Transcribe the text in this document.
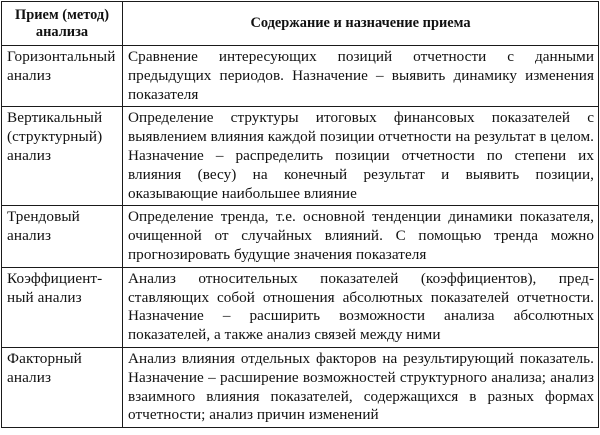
Прием (метод) анализа	Содержание и назначение приема
Горизонтальный анализ	Сравнение интересующих позиций отчетности с данными предыдущих периодов. Назначение – выявить динамику изменения показателя
Вертикальный (структурный) анализ	Определение структуры итоговых финансовых показателей с выявлением влияния каждой позиции отчетности на результат в целом. Назначение – распределить позиции отчетности по степени их влияния (весу) на конечный результат и выявить позиции, оказывающие наибольшее влияние
Трендовый анализ	Определение тренда, т.е. основной тенденции динамики показателя, очищенной от случайных влияний. С помощью тренда можно прогнозировать будущие значения показателя
Коэффициентный анализ	Анализ относительных показателей (коэффициентов), представляющих собой отношения абсолютных показателей отчетности. Назначение – расширить возможности анализа абсолютных показателей, а также анализ связей между ними
Факторный анализ	Анализ влияния отдельных факторов на результирующий показатель. Назначение – расширение возможностей структурного анализа; анализ взаимного влияния показателей, содержащихся в разных формах отчетности; анализ причин изменений
